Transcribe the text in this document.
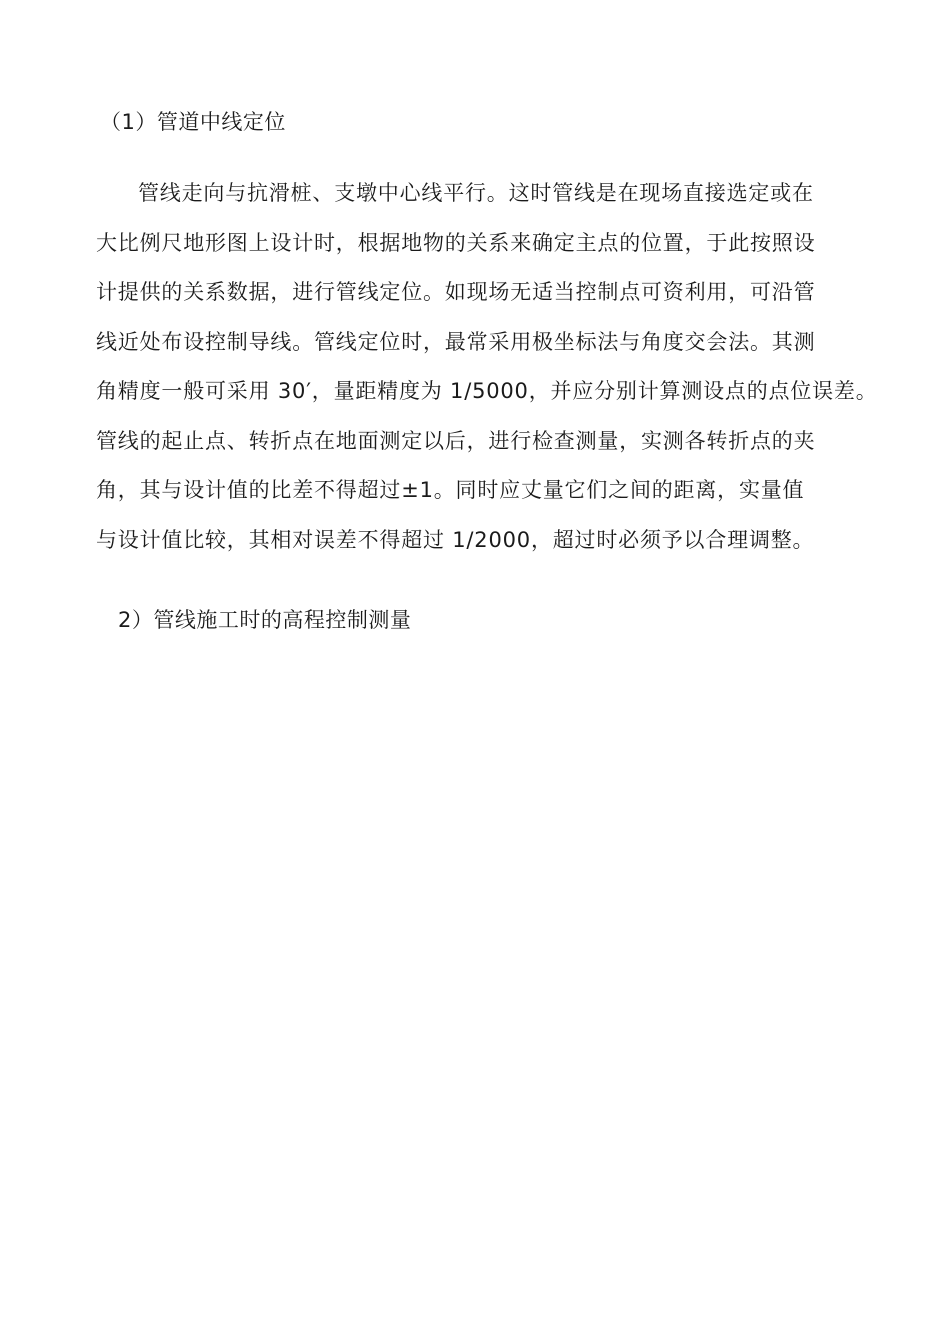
（1）管道中线定位
管线走向与抗滑桩、支墩中心线平行。这时管线是在现场直接选定或在
大比例尺地形图上设计时，根据地物的关系来确定主点的位置，于此按照设
计提供的关系数据，进行管线定位。如现场无适当控制点可资利用，可沿管
线近处布设控制导线。管线定位时，最常采用极坐标法与角度交会法。其测
角精度一般可采用 30′，量距精度为 1/5000，并应分别计算测设点的点位误差。
管线的起止点、转折点在地面测定以后，进行检查测量，实测各转折点的夹
角，其与设计值的比差不得超过±1。同时应丈量它们之间的距离，实量值
与设计值比较，其相对误差不得超过 1/2000，超过时必须予以合理调整。
2）管线施工时的高程控制测量
